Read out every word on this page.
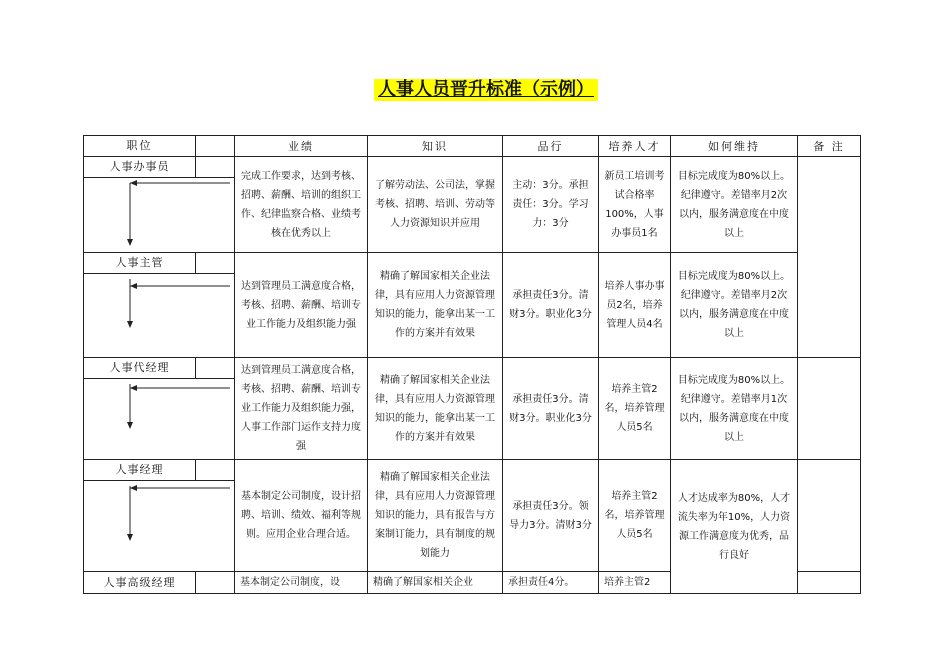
人事人员晋升标准（示例）
职位	业绩	知识	品行	培养人才	如何维持	备 注

人事办事员	完成工作要求，达到考核、招聘、薪酬、培训的组织工作、纪律监察合格、业绩考核在优秀以上	了解劳动法、公司法，掌握考核、招聘、培训、劳动等人力资源知识并应用	主动：3分。承担责任：3分。学习力：3分	新员工培训考试合格率100%，人事办事员1名	目标完成度为80%以上。纪律遵守。差错率月2次以内，服务满意度在中度以上	

人事主管	达到管理员工满意度合格，考核、招聘、薪酬、培训专业工作能力及组织能力强	精确了解国家相关企业法律，具有应用人力资源管理知识的能力，能拿出某一工作的方案并有效果	承担责任3分。清财3分。职业化3分	培养人事办事员2名，培养管理人员4名	目标完成度为80%以上。纪律遵守。差错率月2次以内，服务满意度在中度以上	

人事代经理	达到管理员工满意度合格，考核、招聘、薪酬、培训专业工作能力及组织能力强，人事工作部门运作支持力度强	精确了解国家相关企业法律，具有应用人力资源管理知识的能力，能拿出某一工作的方案并有效果	承担责任3分。清财3分。职业化3分	培养主管2名，培养管理人员5名	目标完成度为80%以上。纪律遵守。差错率月1次以内，服务满意度在中度以上	

人事经理	基本制定公司制度，设计招聘、培训、绩效、福利等规则。应用企业合理合适。	精确了解国家相关企业法律，具有应用人力资源管理知识的能力，具有报告与方案制订能力，具有制度的规划能力	承担责任3分。领导力3分。清财3分	培养主管2名，培养管理人员5名	人才达成率为80%，人才流失率为年10%，人力资源工作满意度为优秀，品行良好	

人事高级经理	基本制定公司制度，设	精确了解国家相关企业	承担责任4分。	培养主管2		
